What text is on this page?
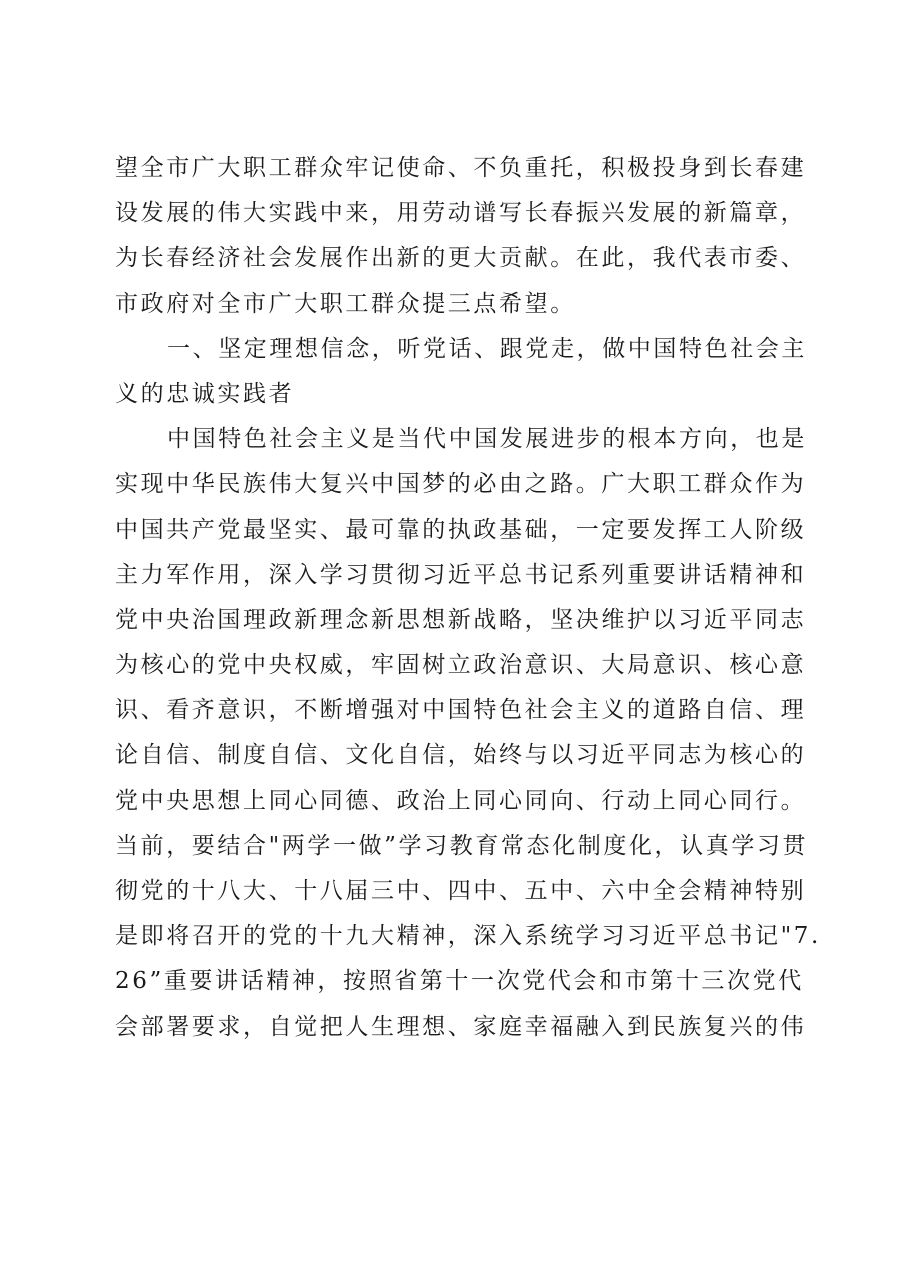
望全市广大职工群众牢记使命、不负重托，积极投身到长春建
设发展的伟大实践中来，用劳动谱写长春振兴发展的新篇章，
为长春经济社会发展作出新的更大贡献。在此，我代表市委、
市政府对全市广大职工群众提三点希望。
一、坚定理想信念，听党话、跟党走，做中国特色社会主
义的忠诚实践者
中国特色社会主义是当代中国发展进步的根本方向，也是
实现中华民族伟大复兴中国梦的必由之路。广大职工群众作为
中国共产党最坚实、最可靠的执政基础，一定要发挥工人阶级
主力军作用，深入学习贯彻习近平总书记系列重要讲话精神和
党中央治国理政新理念新思想新战略，坚决维护以习近平同志
为核心的党中央权威，牢固树立政治意识、大局意识、核心意
识、看齐意识，不断增强对中国特色社会主义的道路自信、理
论自信、制度自信、文化自信，始终与以习近平同志为核心的
党中央思想上同心同德、政治上同心同向、行动上同心同行。
当前，要结合"两学一做”学习教育常态化制度化，认真学习贯
彻党的十八大、十八届三中、四中、五中、六中全会精神特别
是即将召开的党的十九大精神，深入系统学习习近平总书记"7.
26”重要讲话精神，按照省第十一次党代会和市第十三次党代
会部署要求，自觉把人生理想、家庭幸福融入到民族复兴的伟
